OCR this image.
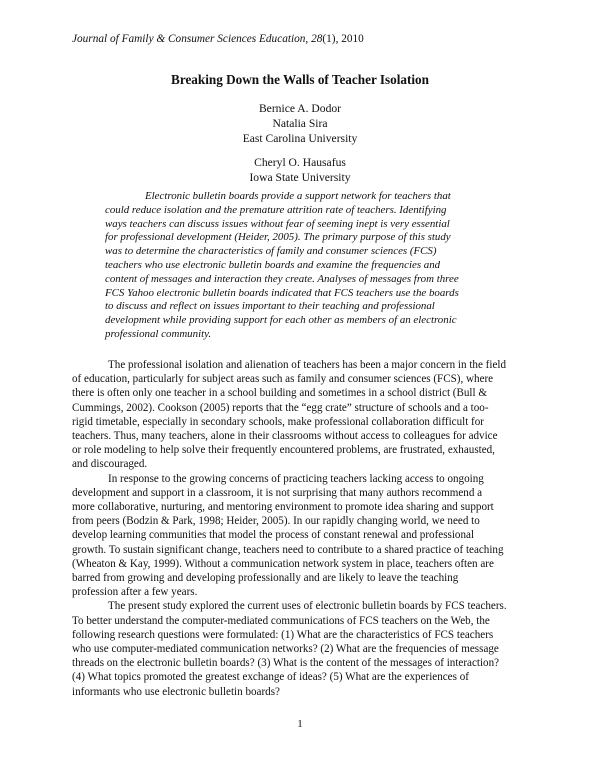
Journal of Family & Consumer Sciences Education, 28(1), 2010
Breaking Down the Walls of Teacher Isolation
Bernice A. Dodor
Natalia Sira
East Carolina University
Cheryl O. Hausafus
Iowa State University
Electronic bulletin boards provide a support network for teachers that
could reduce isolation and the premature attrition rate of teachers. Identifying
ways teachers can discuss issues without fear of seeming inept is very essential
for professional development (Heider, 2005). The primary purpose of this study
was to determine the characteristics of family and consumer sciences (FCS)
teachers who use electronic bulletin boards and examine the frequencies and
content of messages and interaction they create. Analyses of messages from three
FCS Yahoo electronic bulletin boards indicated that FCS teachers use the boards
to discuss and reflect on issues important to their teaching and professional
development while providing support for each other as members of an electronic
professional community.
The professional isolation and alienation of teachers has been a major concern in the field
of education, particularly for subject areas such as family and consumer sciences (FCS), where
there is often only one teacher in a school building and sometimes in a school district (Bull &
Cummings, 2002). Cookson (2005) reports that the “egg crate” structure of schools and a too-
rigid timetable, especially in secondary schools, make professional collaboration difficult for
teachers. Thus, many teachers, alone in their classrooms without access to colleagues for advice
or role modeling to help solve their frequently encountered problems, are frustrated, exhausted,
and discouraged.
In response to the growing concerns of practicing teachers lacking access to ongoing
development and support in a classroom, it is not surprising that many authors recommend a
more collaborative, nurturing, and mentoring environment to promote idea sharing and support
from peers (Bodzin & Park, 1998; Heider, 2005). In our rapidly changing world, we need to
develop learning communities that model the process of constant renewal and professional
growth. To sustain significant change, teachers need to contribute to a shared practice of teaching
(Wheaton & Kay, 1999). Without a communication network system in place, teachers often are
barred from growing and developing professionally and are likely to leave the teaching
profession after a few years.
The present study explored the current uses of electronic bulletin boards by FCS teachers.
To better understand the computer-mediated communications of FCS teachers on the Web, the
following research questions were formulated: (1) What are the characteristics of FCS teachers
who use computer-mediated communication networks? (2) What are the frequencies of message
threads on the electronic bulletin boards? (3) What is the content of the messages of interaction?
(4) What topics promoted the greatest exchange of ideas? (5) What are the experiences of
informants who use electronic bulletin boards?
1
